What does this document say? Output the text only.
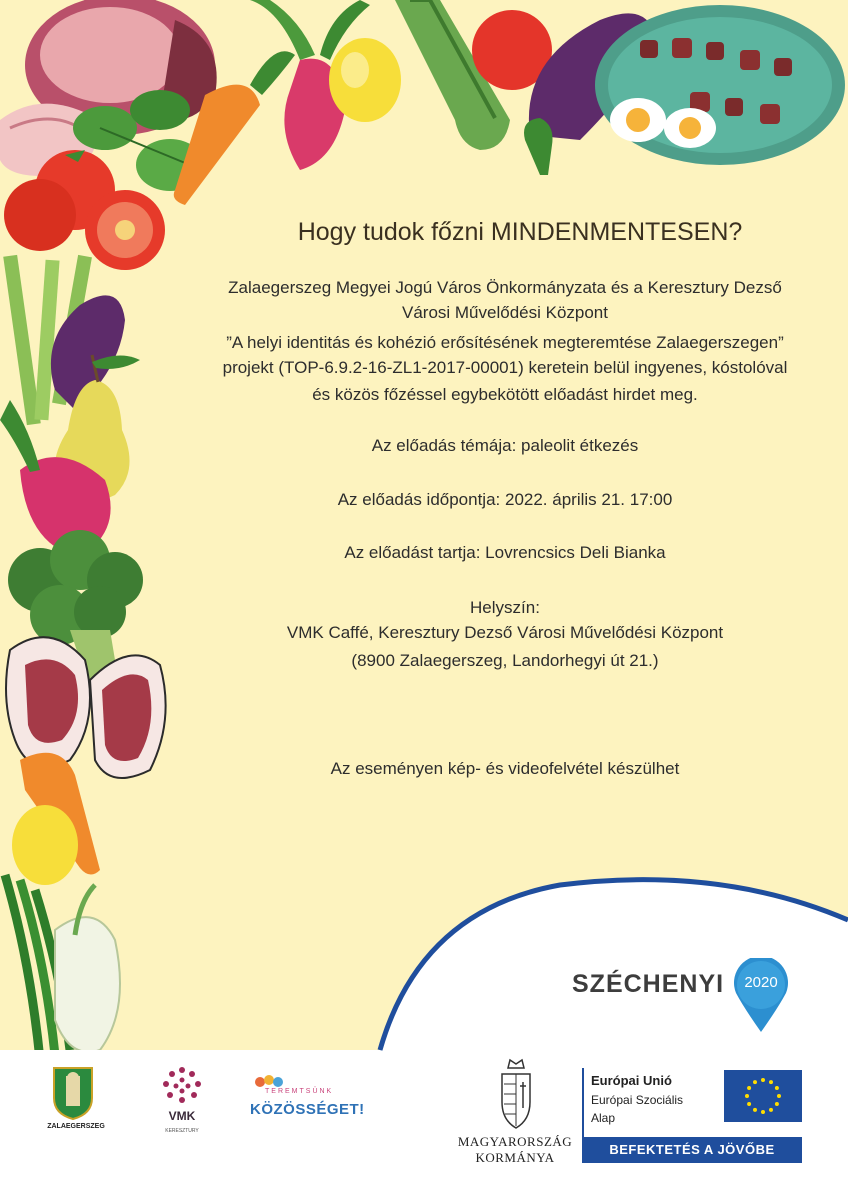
Hogy tudok főzni MINDENMENTESEN?
Zalaegerszeg Megyei Jogú Város Önkormányzata és a Keresztury Dezső
Városi Művelődési Központ
”A helyi identitás és kohézió erősítésének megteremtése Zalaegerszegen”
projekt (TOP-6.9.2-16-ZL1-2017-00001) keretein belül ingyenes, kóstolóval
és közös főzéssel egybekötött előadást hirdet meg.
Az előadás témája: paleolit étkezés
Az előadás időpontja: 2022. április 21. 17:00
Az előadást tartja: Lovrencsics Deli Bianka
Helyszín:
VMK Caffé, Keresztury Dezső Városi Művelődési Központ
(8900 Zalaegerszeg, Landorhegyi út 21.)
Az eseményen kép- és videofelvétel készülhet
SZÉCHENYI	2020
ZALAEGERSZEG
VMK
KERESZTURY
TEREMTSÜNK
KÖZÖSSÉGET!
MAGYARORSZÁG
KORMÁNYA
Európai Unió
Európai Szociális
Alap
BEFEKTETÉS A JÖVŐBE
